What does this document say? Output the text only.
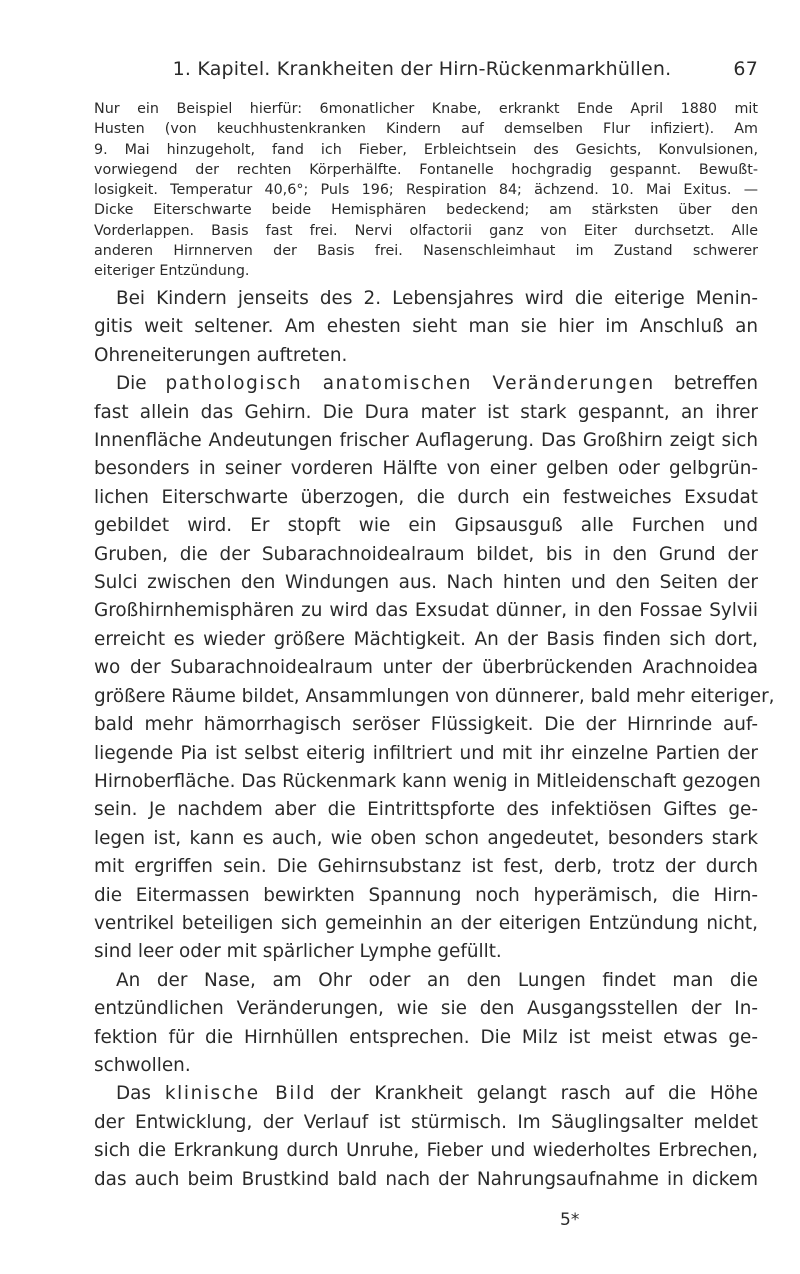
1. Kapitel. Krankheiten der Hirn-Rückenmarkhüllen.	67
Nur ein Beispiel hierfür: 6monatlicher Knabe, erkrankt Ende April 1880 mit
Husten (von keuchhustenkranken Kindern auf demselben Flur infiziert). Am
9. Mai hinzugeholt, fand ich Fieber, Erbleichtsein des Gesichts, Konvulsionen,
vorwiegend der rechten Körperhälfte. Fontanelle hochgradig gespannt. Bewußt-
losigkeit. Temperatur 40,6°; Puls 196; Respiration 84; ächzend. 10. Mai Exitus. —
Dicke Eiterschwarte beide Hemisphären bedeckend; am stärksten über den
Vorderlappen. Basis fast frei. Nervi olfactorii ganz von Eiter durchsetzt. Alle
anderen Hirnnerven der Basis frei. Nasenschleimhaut im Zustand schwerer
eiteriger Entzündung.
Bei Kindern jenseits des 2. Lebensjahres wird die eiterige Menin-
gitis weit seltener. Am ehesten sieht man sie hier im Anschluß an
Ohreneiterungen auftreten.
Die pathologisch anatomischen Veränderungen betreffen
fast allein das Gehirn. Die Dura mater ist stark gespannt, an ihrer
Innenfläche Andeutungen frischer Auflagerung. Das Großhirn zeigt sich
besonders in seiner vorderen Hälfte von einer gelben oder gelbgrün-
lichen Eiterschwarte überzogen, die durch ein festweiches Exsudat
gebildet wird. Er stopft wie ein Gipsausguß alle Furchen und
Gruben, die der Subarachnoidealraum bildet, bis in den Grund der
Sulci zwischen den Windungen aus. Nach hinten und den Seiten der
Großhirnhemisphären zu wird das Exsudat dünner, in den Fossae Sylvii
erreicht es wieder größere Mächtigkeit. An der Basis finden sich dort,
wo der Subarachnoidealraum unter der überbrückenden Arachnoidea
größere Räume bildet, Ansammlungen von dünnerer, bald mehr eiteriger,
bald mehr hämorrhagisch seröser Flüssigkeit. Die der Hirnrinde auf-
liegende Pia ist selbst eiterig infiltriert und mit ihr einzelne Partien der
Hirnoberfläche. Das Rückenmark kann wenig in Mitleidenschaft gezogen
sein. Je nachdem aber die Eintrittspforte des infektiösen Giftes ge-
legen ist, kann es auch, wie oben schon angedeutet, besonders stark
mit ergriffen sein. Die Gehirnsubstanz ist fest, derb, trotz der durch
die Eitermassen bewirkten Spannung noch hyperämisch, die Hirn-
ventrikel beteiligen sich gemeinhin an der eiterigen Entzündung nicht,
sind leer oder mit spärlicher Lymphe gefüllt.
An der Nase, am Ohr oder an den Lungen findet man die
entzündlichen Veränderungen, wie sie den Ausgangsstellen der In-
fektion für die Hirnhüllen entsprechen. Die Milz ist meist etwas ge-
schwollen.
Das klinische Bild der Krankheit gelangt rasch auf die Höhe
der Entwicklung, der Verlauf ist stürmisch. Im Säuglingsalter meldet
sich die Erkrankung durch Unruhe, Fieber und wiederholtes Erbrechen,
das auch beim Brustkind bald nach der Nahrungsaufnahme in dickem
5*
